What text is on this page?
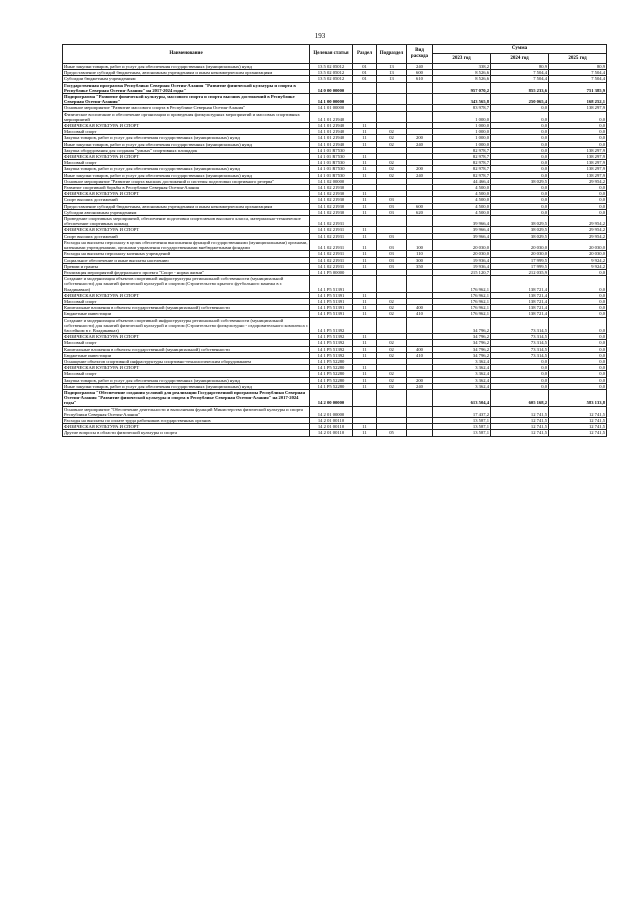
193
Наименование	Целевая статья	Раздел	Подраздел	Вид расхода	Сумма		
					2023 год	2024 год	2025 год
Иные закупки товаров, работ и услуг для обеспечения государственных (муниципальных) нужд	13 5 02 05012	01	13	240	338,2	80,9	80,9
Предоставление субсидий бюджетным, автономным учреждениям и иным некоммерческим организациям	13 5 02 05012	01	13	600	8 526,6	7 504,4	7 504,4
Субсидии бюджетным учреждениям	13 5 02 05012	01	13	610	8 526,6	7 504,4	7 504,4
Государственная программа Республики Северная Осетия-Алания "Развитие физической культуры и спорта в Республике Северная Осетия-Алания" на 2017-2024 годы"	14 0 00 00000				957 070,2	855 233,6	751 385,9
Подпрограмма "Развитие физической культуры, массового спорта и спорта высших достижений в Республике Северная Осетия-Алания"	14 1 00 00000				343 565,8	250 065,4	168 252,1
Основное мероприятие "Развитие массового спорта в Республике Северная Осетия-Алания"	14 1 01 00000				83 978,7	0,0	138 297,9
Физическое воспитание и обеспечение организации и проведения физкультурных мероприятий и массовых спортивных мероприятий	14 1 01 21940				1 000,0	0,0	0,0
ФИЗИЧЕСКАЯ КУЛЬТУРА И СПОРТ	14 1 01 21940	11			1 000,0	0,0	0,0
Массовый спорт	14 1 01 21940	11	02		1 000,0	0,0	0,0
Закупка товаров, работ и услуг для обеспечения государственных (муниципальных) нужд	14 1 01 21940	11	02	200	1 000,0	0,0	0,0
Иные закупки товаров, работ и услуг для обеспечения государственных (муниципальных) нужд	14 1 01 21940	11	02	240	1 000,0	0,0	0,0
Закупка оборудования для создания "умных" спортивных площадок	14 1 01 R7530				82 978,7	0,0	138 297,9
ФИЗИЧЕСКАЯ КУЛЬТУРА И СПОРТ	14 1 01 R7530	11			82 978,7	0,0	138 297,9
Массовый спорт	14 1 01 R7530	11	02		82 978,7	0,0	138 297,9
Закупка товаров, работ и услуг для обеспечения государственных (муниципальных) нужд	14 1 01 R7530	11	02	200	82 978,7	0,0	138 297,9
Иные закупки товаров, работ и услуг для обеспечения государственных (муниципальных) нужд	14 1 01 R7530	11	02	240	82 978,7	0,0	138 297,9
Основное мероприятие "Развитие спорта высших достижений и системы подготовки спортивного резерва"	14 1 02 00000				44 466,4	38 029,5	29 954,2
Развитие спортивной борьбы в Республике Северная Осетия-Алания	14 1 02 21930				4 500,0	0,0	0,0
ФИЗИЧЕСКАЯ КУЛЬТУРА И СПОРТ	14 1 02 21930	11			4 500,0	0,0	0,0
Спорт высших достижений	14 1 02 21930	11	03		4 500,0	0,0	0,0
Предоставление субсидий бюджетным, автономным учреждениям и иным некоммерческим организациям	14 1 02 21930	11	03	600	4 500,0	0,0	0,0
Субсидии автономным учреждениям	14 1 02 21930	11	03	620	4 500,0	0,0	0,0
Проведение спортивных мероприятий, обеспечение подготовки спортсменов высокого класса, материально-техническое обеспечение спортивных команд	14 1 02 21931				39 966,4	38 029,5	29 954,2
ФИЗИЧЕСКАЯ КУЛЬТУРА И СПОРТ	14 1 02 21931	11			39 966,4	38 029,5	29 954,2
Спорт высших достижений	14 1 02 21931	11	03		39 966,4	38 029,5	29 954,2
Расходы на выплаты персоналу в целях обеспечения выполнения функций государственными (муниципальными) органами, казенными учреждениями, органами управления государственными внебюджетными фондами	14 1 02 21931	11	03	100	20 030,0	20 030,0	20 030,0
Расходы на выплаты персоналу казенных учреждений	14 1 02 21931	11	03	110	20 030,0	20 030,0	20 030,0
Социальное обеспечение и иные выплаты населению	14 1 02 21931	11	03	300	19 936,4	17 999,5	9 924,2
Премии и гранты	14 1 02 21931	11	03	350	19 936,4	17 999,5	9 924,2
Реализация мероприятий федерального проекта "Спорт - норма жизни"	14 1 P5 00000				215 120,7	212 035,9	0,0
Создание и модернизация объектов спортивной инфраструктуры региональной собственности (муниципальной собственности) для занятий физической культурой и спортом (Строительство крытого футбольного манежа в г. Владикавказ)	14 1 P5 51391				176 962,1	138 721,4	0,0
ФИЗИЧЕСКАЯ КУЛЬТУРА И СПОРТ	14 1 P5 51391	11			176 962,1	138 721,4	0,0
Массовый спорт	14 1 P5 51391	11	02		176 962,1	138 721,4	0,0
Капитальные вложения в объекты государственной (муниципальной) собственности	14 1 P5 51391	11	02	400	176 962,1	138 721,4	0,0
Бюджетные инвестиции	14 1 P5 51391	11	02	410	176 962,1	138 721,4	0,0
Создание и модернизация объектов спортивной инфраструктуры региональной собственности (муниципальной собственности) для занятий физической культурой и спортом (Строительство физкультурно - оздоровительного комплекса с бассейном в г. Владикавказ)	14 1 P5 51392				34 796,2	73 314,5	0,0
ФИЗИЧЕСКАЯ КУЛЬТУРА И СПОРТ	14 1 P5 51392	11			34 796,2	73 314,5	0,0
Массовый спорт	14 1 P5 51392	11	02		34 796,2	73 314,5	0,0
Капитальные вложения в объекты государственной (муниципальной) собственности	14 1 P5 51392	11	02	400	34 796,2	73 314,5	0,0
Бюджетные инвестиции	14 1 P5 51392	11	02	410	34 796,2	73 314,5	0,0
Оснащение объектов спортивной инфраструктуры спортивно-технологическим оборудованием	14 1 P5 52280				3 362,4	0,0	0,0
ФИЗИЧЕСКАЯ КУЛЬТУРА И СПОРТ	14 1 P5 52280	11			3 362,4	0,0	0,0
Массовый спорт	14 1 P5 52280	11	02		3 362,4	0,0	0,0
Закупка товаров, работ и услуг для обеспечения государственных (муниципальных) нужд	14 1 P5 52280	11	02	200	3 362,4	0,0	0,0
Иные закупки товаров, работ и услуг для обеспечения государственных (муниципальных) нужд	14 1 P5 52280	11	02	240	3 362,4	0,0	0,0
Подпрограмма "Обеспечение создания условий для реализации Государственной программы Республики Северная Осетия-Алания "Развитие физической культуры и спорта в Республике Северная Осетия-Алания" на 2017-2024 годы"	14 2 00 00000				613 504,4	605 168,2	583 133,8
Основное мероприятие "Обеспечение деятельности и выполнения функций Министерства физической культуры и спорта Республики Северная Осетия-Алания"	14 2 01 00000				17 437,2	12 741,5	12 741,5
Расходы на выплаты по оплате труда работников государственных органов	14 2 01 00110				13 587,1	12 741,5	12 741,5
ФИЗИЧЕСКАЯ КУЛЬТУРА И СПОРТ	14 2 01 00110	11			13 587,1	12 741,5	12 741,5
Другие вопросы в области физической культуры и спорта	14 2 01 00110	11	05		13 587,1	12 741,5	12 741,5
